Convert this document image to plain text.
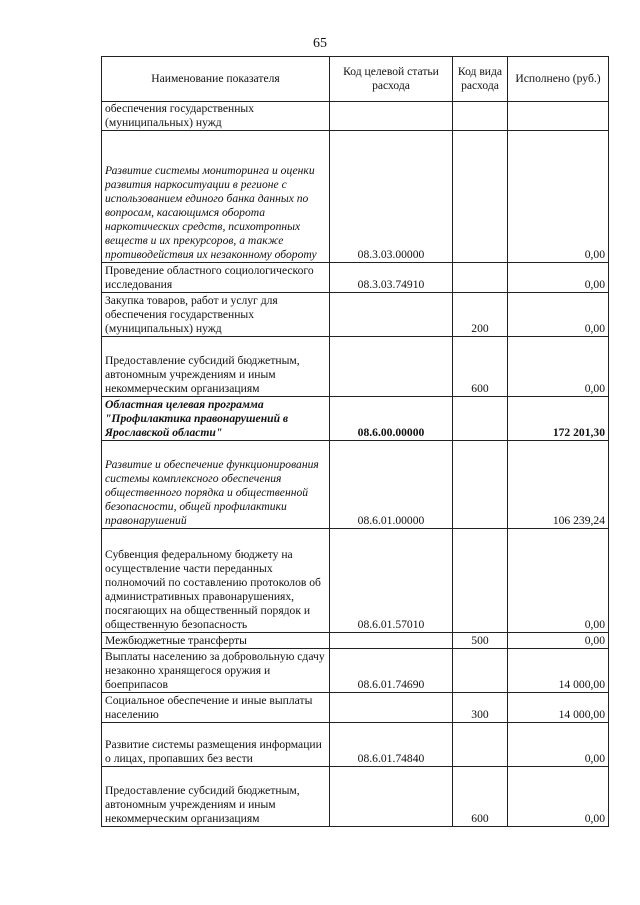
65
Наименование показателя	Код целевой статьи расхода	Код вида расхода	Исполнено (руб.)
обеспечения государственных (муниципальных) нужд			
Развитие системы мониторинга и оценки развития наркоситуации в регионе с использованием единого банка данных по вопросам, касающимся оборота наркотических средств, психотропных веществ и их прекурсоров, а также противодействия их незаконному обороту	08.3.03.00000		0,00
Проведение областного социологического исследования	08.3.03.74910		0,00
Закупка товаров, работ и услуг для обеспечения государственных (муниципальных) нужд		200	0,00
Предоставление субсидий бюджетным, автономным учреждениям и иным некоммерческим организациям		600	0,00
Областная целевая программа "Профилактика правонарушений в Ярославской области"	08.6.00.00000		172 201,30
Развитие и обеспечение функционирования системы комплексного обеспечения общественного порядка и общественной безопасности, общей профилактики правонарушений	08.6.01.00000		106 239,24
Субвенция федеральному бюджету на осуществление части переданных полномочий по составлению протоколов об административных правонарушениях, посягающих на общественный порядок и общественную безопасность	08.6.01.57010		0,00
Межбюджетные трансферты		500	0,00
Выплаты населению за добровольную сдачу незаконно хранящегося оружия и боеприпасов	08.6.01.74690		14 000,00
Социальное обеспечение и иные выплаты населению		300	14 000,00
Развитие системы размещения информации о лицах, пропавших без вести	08.6.01.74840		0,00
Предоставление субсидий бюджетным, автономным учреждениям и иным некоммерческим организациям		600	0,00
